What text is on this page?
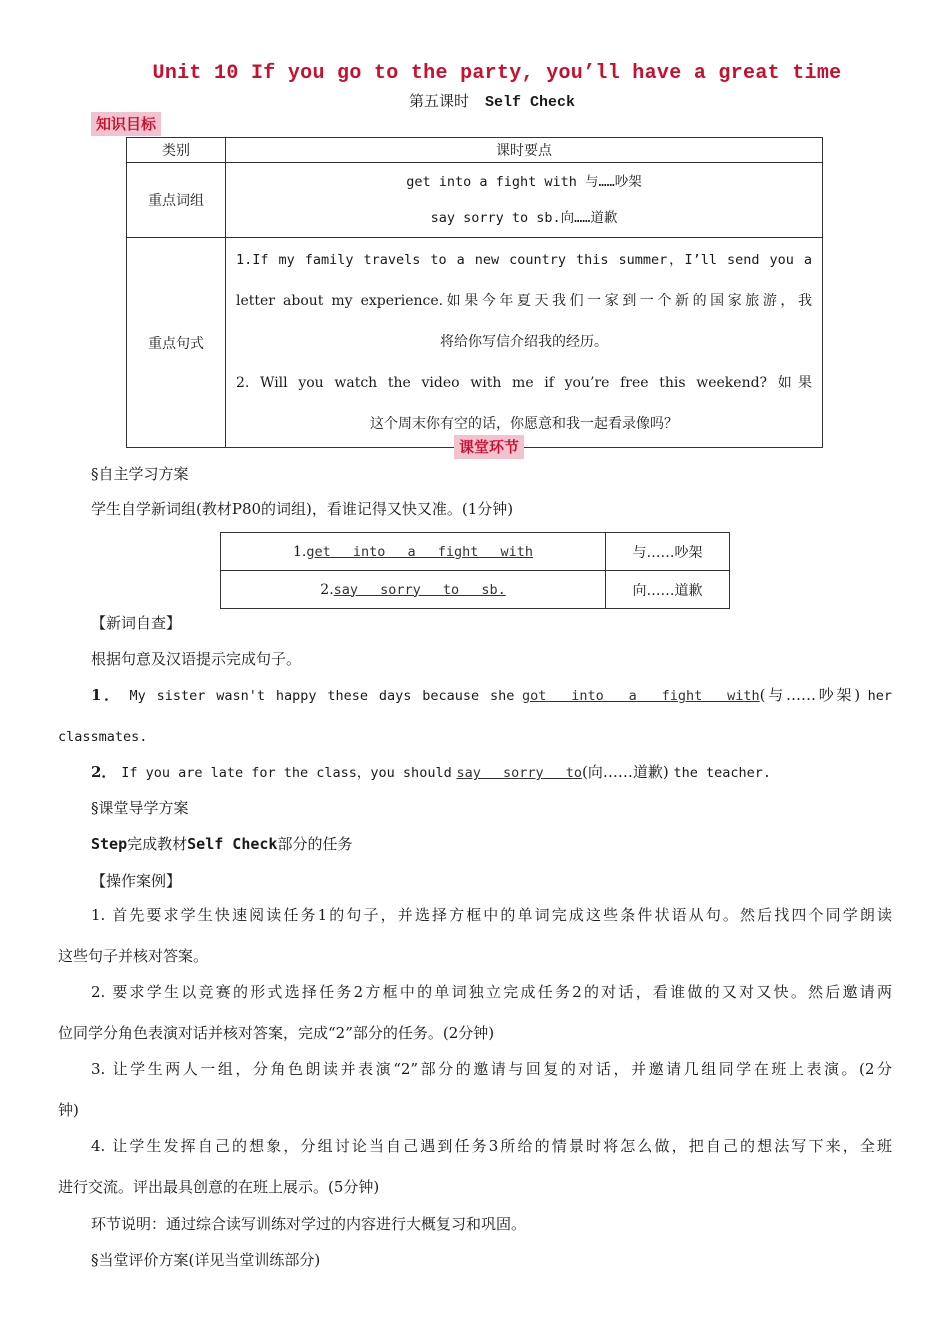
Unit 10 If you go to the party, you’ll have a great time
第五课时 Self Check
知识目标
类别	课时要点
重点词组	get into a fight with 与……吵架

say sorry to sb.向……道歉

重点句式	1.If my family travels to a new country this summer，I’ll send you a
letter about my experience.如果今年夏天我们一家到一个新的国家旅游，我
将给你写信介绍我的经历。
2. Will you watch the video with me if you’re free this weekend? 如果
这个周末你有空的话，你愿意和我一起看录像吗？
课堂环节
§自主学习方案
学生自学新词组(教材P80的词组)，看谁记得又快又准。(1分钟)
1.get into a fight with	与……吵架
2.say sorry to sb.	向……道歉
【新词自查】
根据句意及汉语提示完成句子。
1． My sister wasn't happy these days because she got into a fight with(与……吵架) her
classmates.
2． If you are late for the class，you should say sorry to(向……道歉) the teacher.
§课堂导学方案
Step完成教材Self Check部分的任务
【操作案例】
1. 首先要求学生快速阅读任务1的句子，并选择方框中的单词完成这些条件状语从句。然后找四个同学朗读
这些句子并核对答案。
2. 要求学生以竞赛的形式选择任务2方框中的单词独立完成任务2的对话，看谁做的又对又快。然后邀请两
位同学分角色表演对话并核对答案，完成“2”部分的任务。(2分钟)
3. 让学生两人一组，分角色朗读并表演“2”部分的邀请与回复的对话，并邀请几组同学在班上表演。(2分
钟)
4. 让学生发挥自己的想象，分组讨论当自己遇到任务3所给的情景时将怎么做，把自己的想法写下来，全班
进行交流。评出最具创意的在班上展示。(5分钟)
环节说明：通过综合读写训练对学过的内容进行大概复习和巩固。
§当堂评价方案(详见当堂训练部分)
